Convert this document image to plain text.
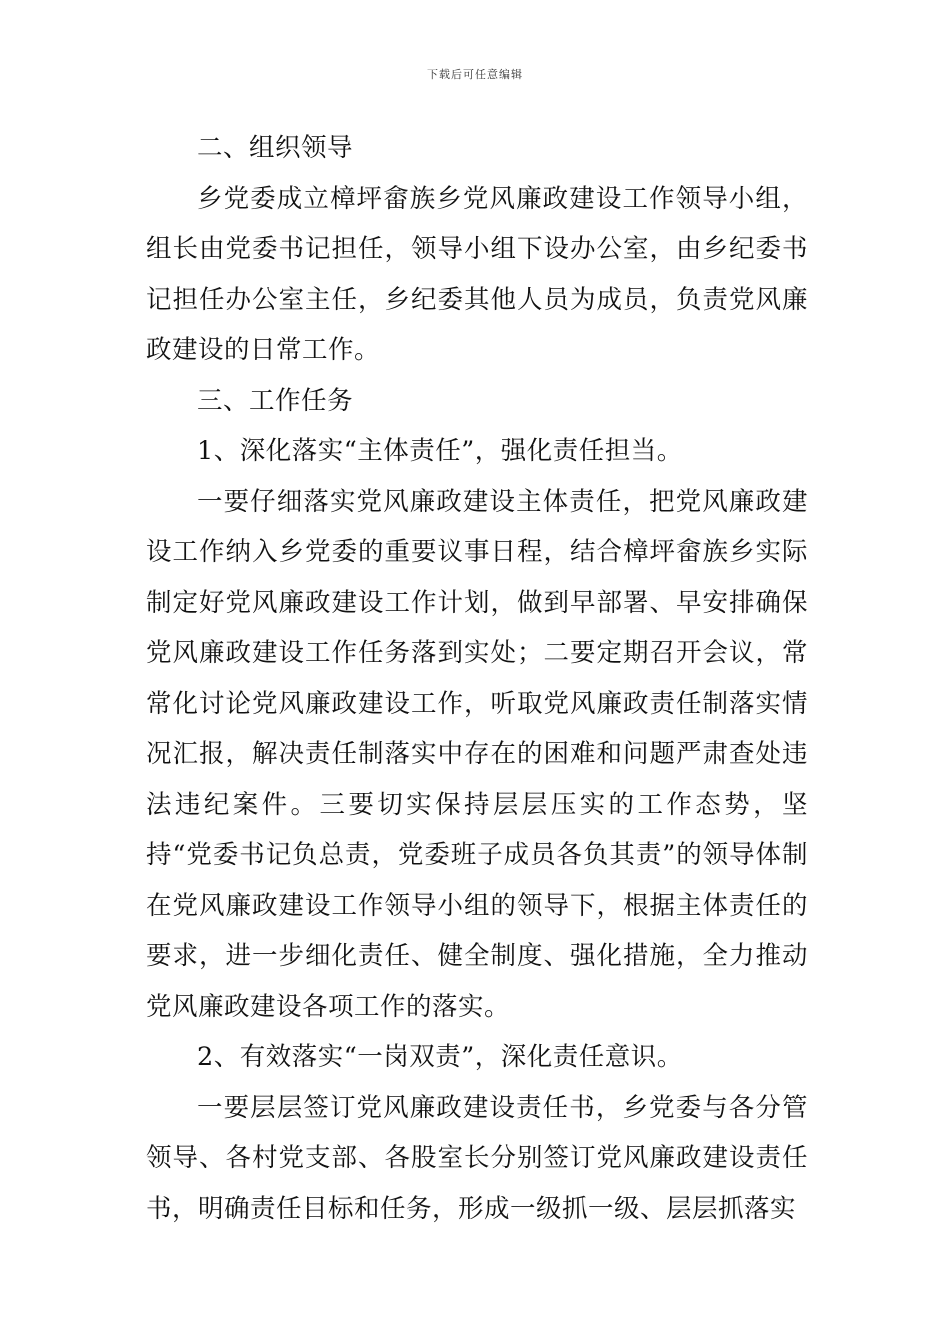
下载后可任意编辑

二、组织领导

乡党委成立樟坪畲族乡党风廉政建设工作领导小组，组长由党委书记担任，领导小组下设办公室，由乡纪委书记担任办公室主任，乡纪委其他人员为成员，负责党风廉政建设的日常工作。

三、工作任务

1、深化落实“主体责任”，强化责任担当。

一要仔细落实党风廉政建设主体责任，把党风廉政建设工作纳入乡党委的重要议事日程，结合樟坪畲族乡实际制定好党风廉政建设工作计划，做到早部署、早安排确保党风廉政建设工作任务落到实处；二要定期召开会议，常常化讨论党风廉政建设工作，听取党风廉政责任制落实情况汇报，解决责任制落实中存在的困难和问题严肃查处违法违纪案件。三要切实保持层层压实的工作态势，坚持“党委书记负总责，党委班子成员各负其责”的领导体制在党风廉政建设工作领导小组的领导下，根据主体责任的要求，进一步细化责任、健全制度、强化措施，全力推动党风廉政建设各项工作的落实。

2、有效落实“一岗双责”，深化责任意识。

一要层层签订党风廉政建设责任书，乡党委与各分管领导、各村党支部、各股室长分别签订党风廉政建设责任书，明确责任目标和任务，形成一级抓一级、层层抓落实
